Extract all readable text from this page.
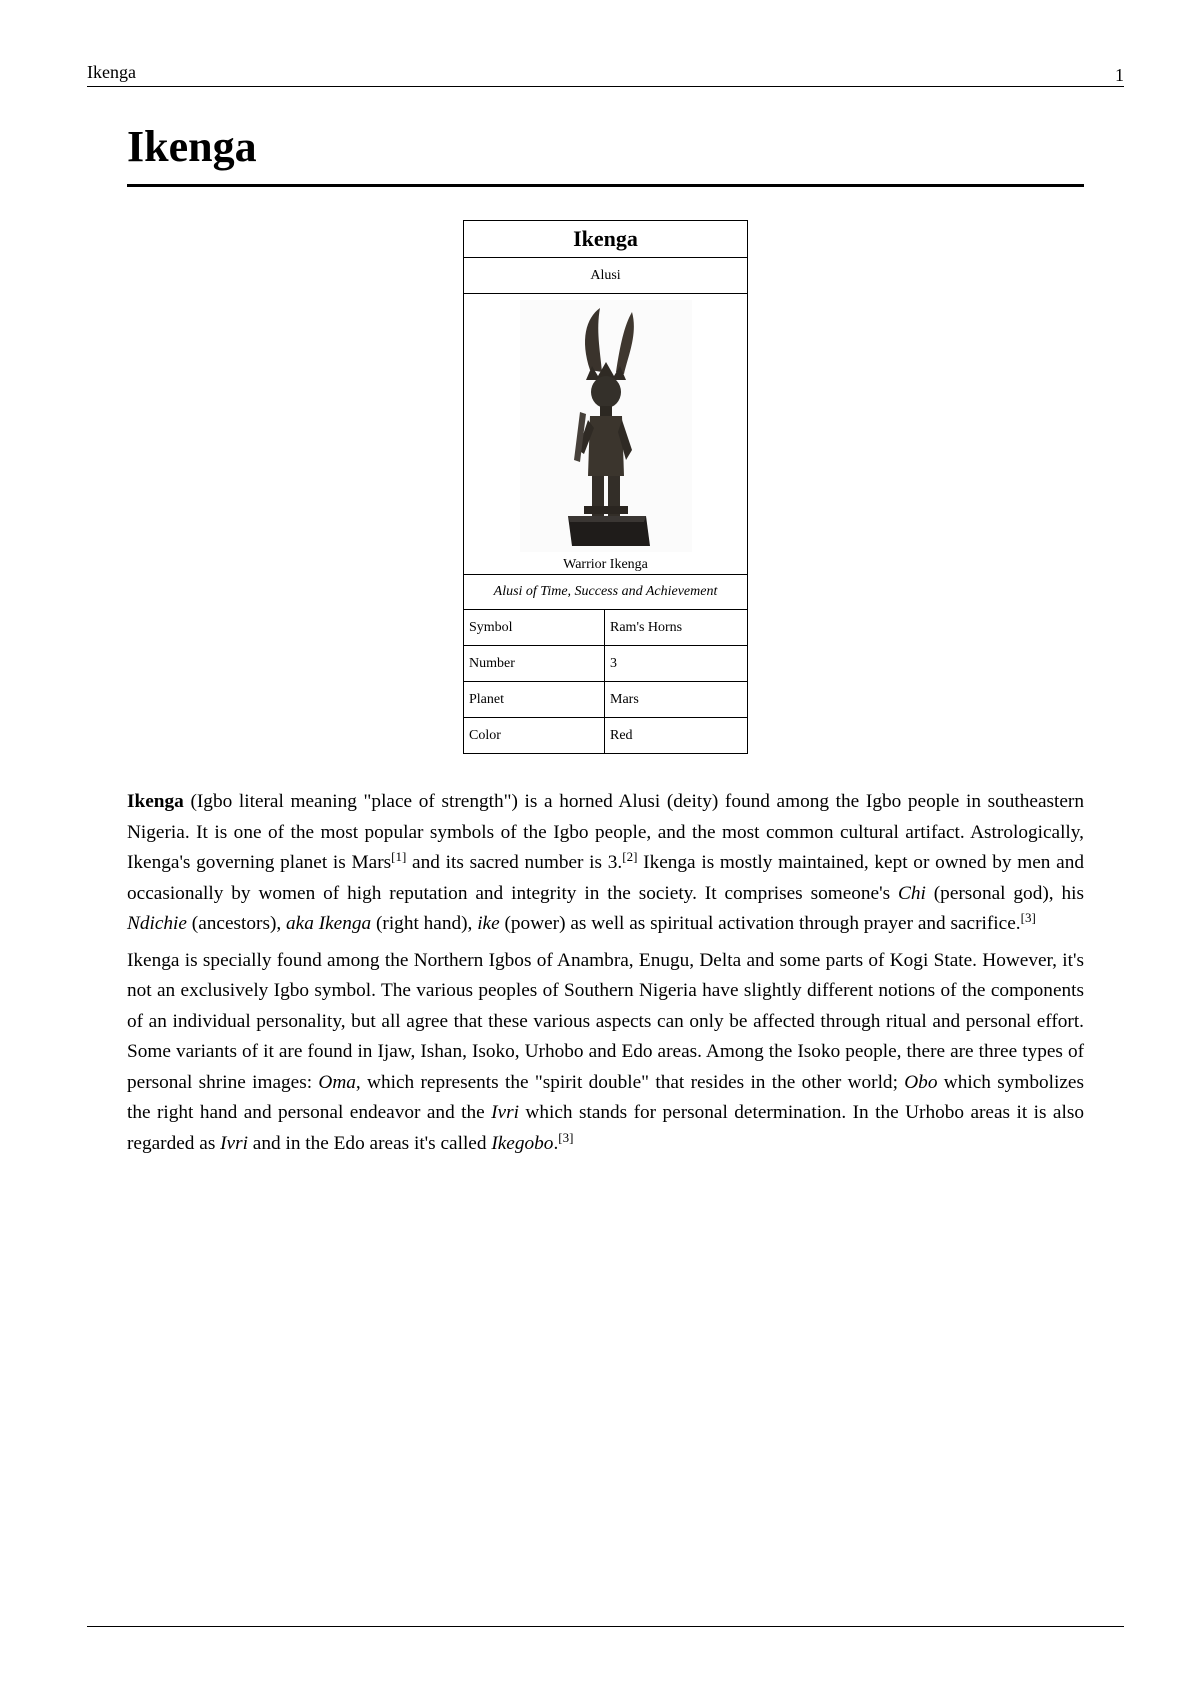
Ikenga	1
Ikenga
Ikenga	
Alusi	

Warrior Ikenga	

Alusi of Time, Success and Achievement	
Symbol	Ram's Horns
Number	3
Planet	Mars
Color	Red

Ikenga (Igbo literal meaning "place of strength") is a horned Alusi (deity) found among the Igbo people in southeastern Nigeria. It is one of the most popular symbols of the Igbo people, and the most common cultural artifact. Astrologically, Ikenga's governing planet is Mars[1] and its sacred number is 3.[2] Ikenga is mostly maintained, kept or owned by men and occasionally by women of high reputation and integrity in the society. It comprises someone's Chi (personal god), his Ndichie (ancestors), aka Ikenga (right hand), ike (power) as well as spiritual activation through prayer and sacrifice.[3]

Ikenga is specially found among the Northern Igbos of Anambra, Enugu, Delta and some parts of Kogi State. However, it's not an exclusively Igbo symbol. The various peoples of Southern Nigeria have slightly different notions of the components of an individual personality, but all agree that these various aspects can only be affected through ritual and personal effort. Some variants of it are found in Ijaw, Ishan, Isoko, Urhobo and Edo areas. Among the Isoko people, there are three types of personal shrine images: Oma, which represents the "spirit double" that resides in the other world; Obo which symbolizes the right hand and personal endeavor and the Ivri which stands for personal determination. In the Urhobo areas it is also regarded as Ivri and in the Edo areas it's called Ikegobo.[3]
